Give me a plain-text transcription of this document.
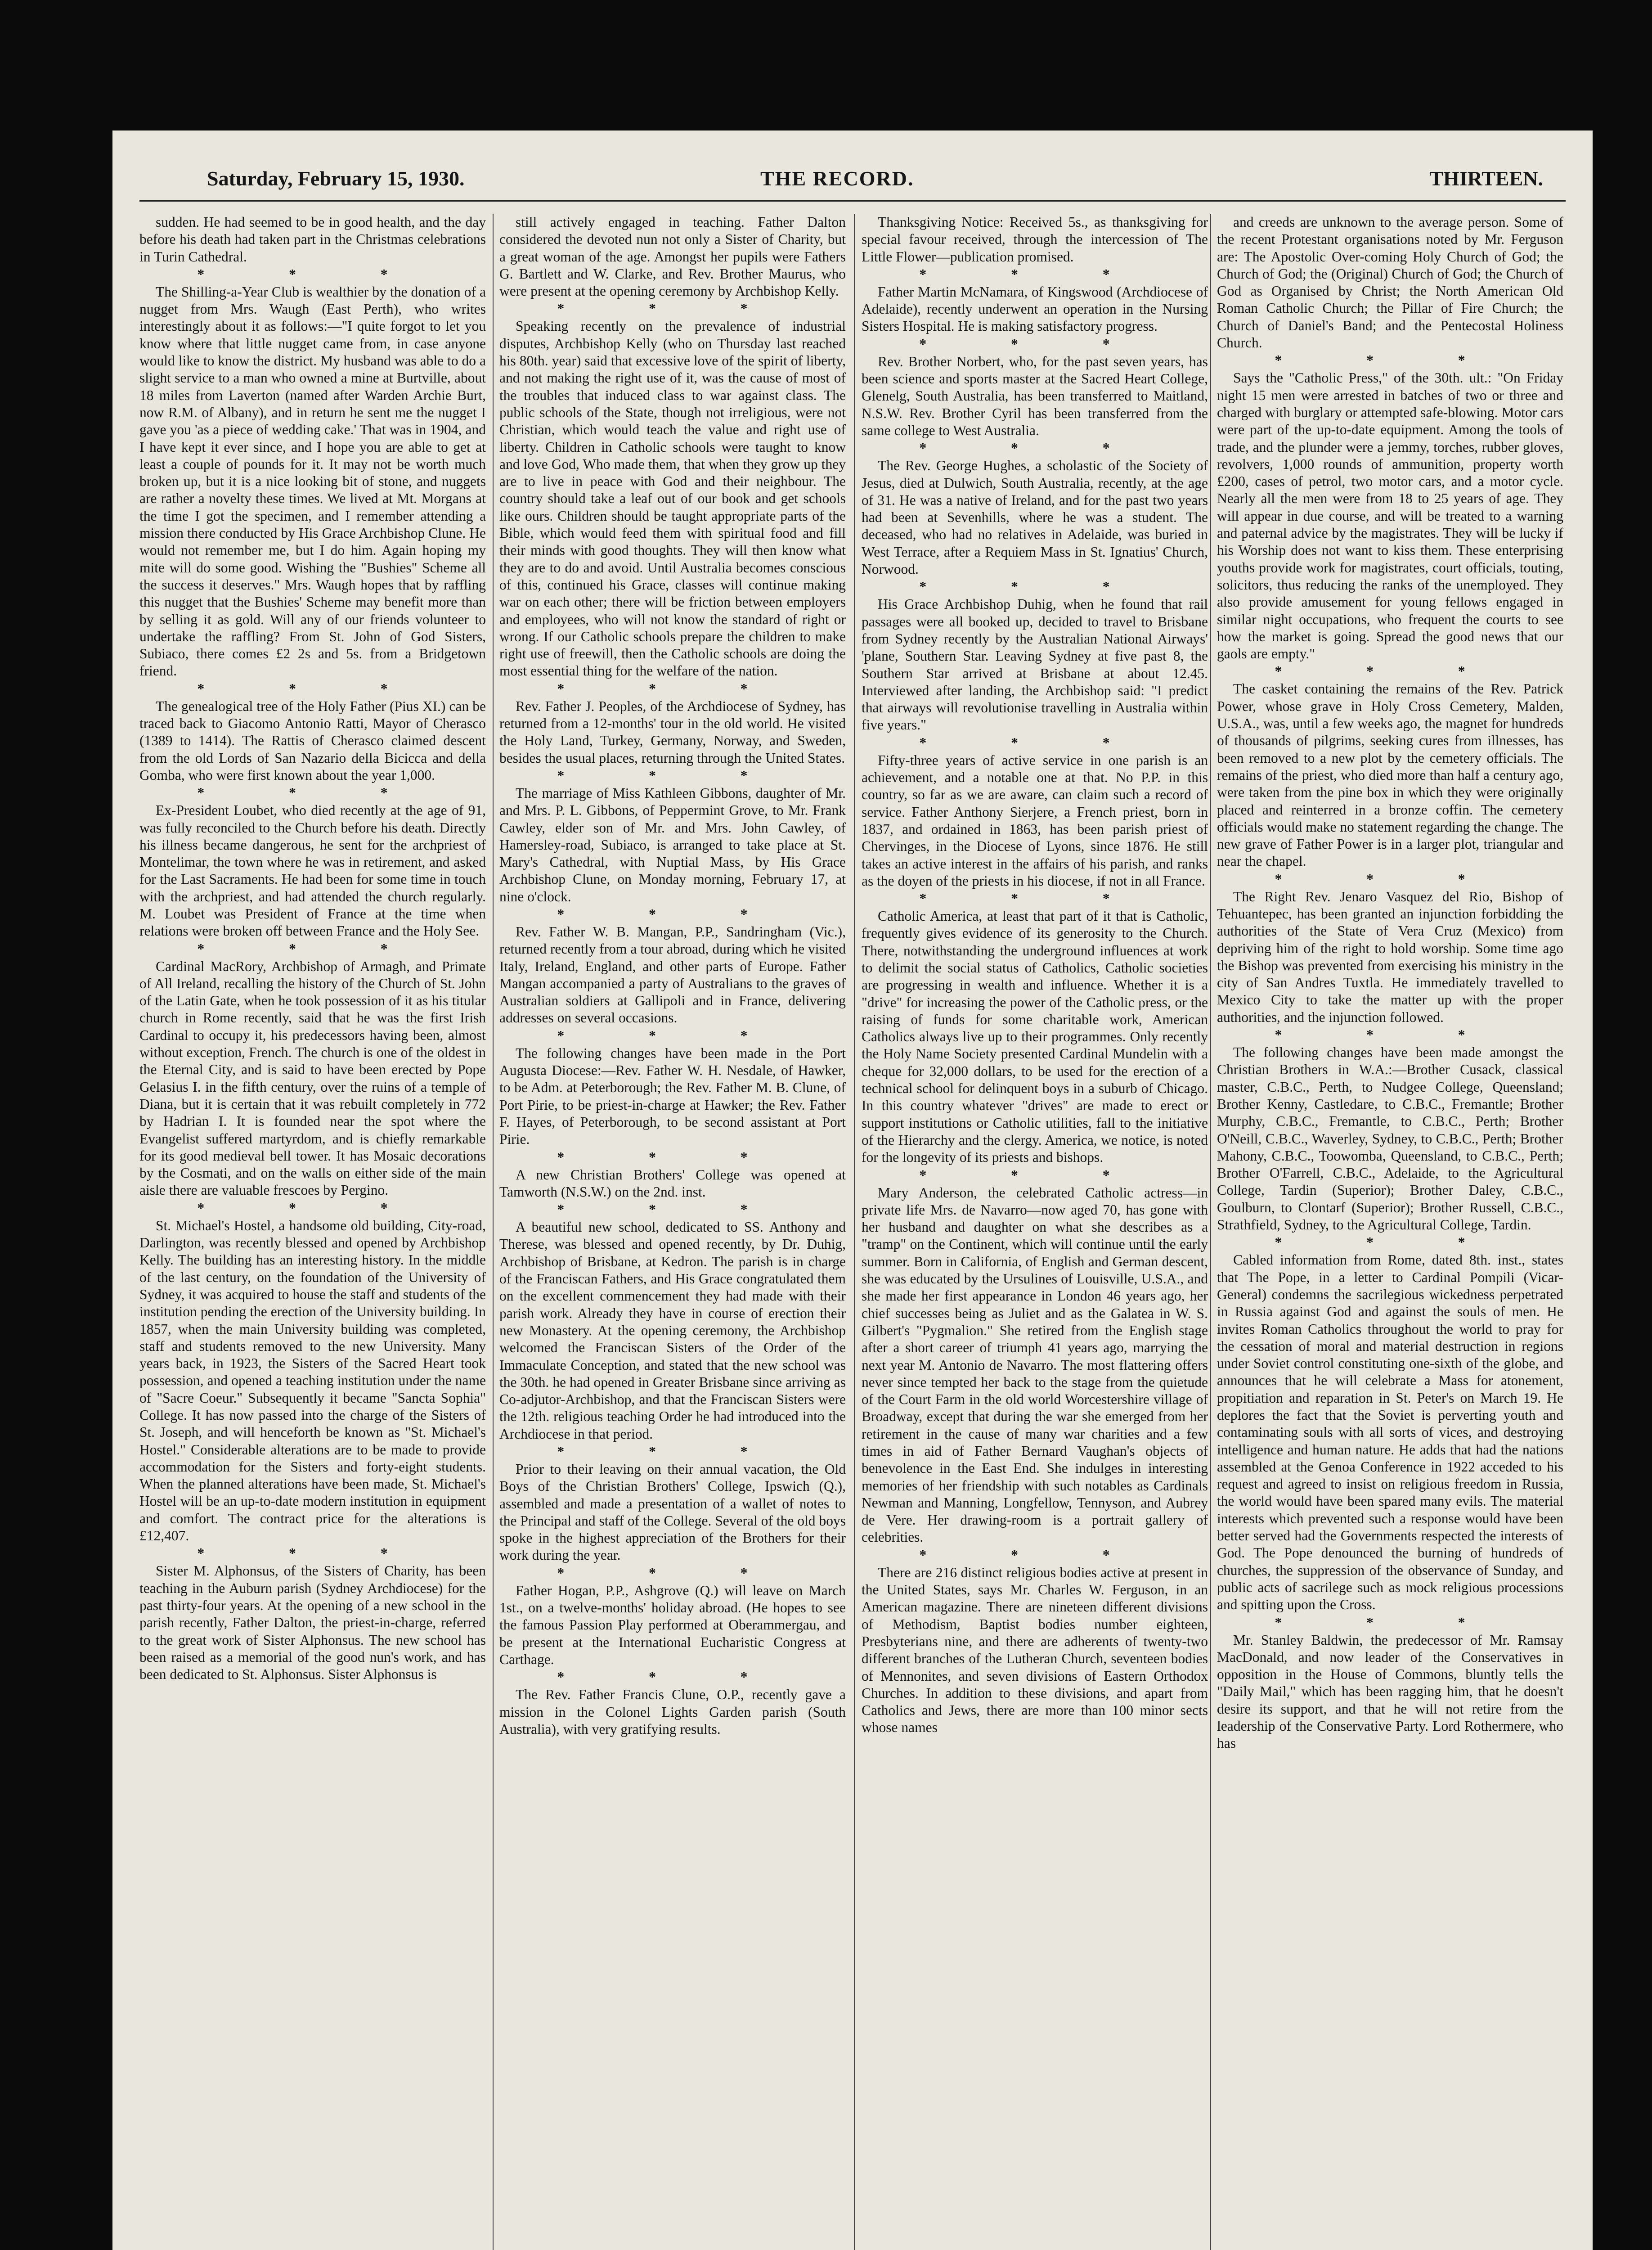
Saturday, February 15, 1930.	THE RECORD.	THIRTEEN.

sudden. He had seemed to be in good health, and the day before his death had taken part in the Christmas celebrations in Turin Cathedral.

* * *

The Shilling-a-Year Club is wealthier by the donation of a nugget from Mrs. Waugh (East Perth), who writes interestingly about it as follows:—"I quite forgot to let you know where that little nugget came from, in case anyone would like to know the district. My husband was able to do a slight service to a man who owned a mine at Burtville, about 18 miles from Laverton (named after Warden Archie Burt, now R.M. of Albany), and in return he sent me the nugget I gave you 'as a piece of wedding cake.' That was in 1904, and I have kept it ever since, and I hope you are able to get at least a couple of pounds for it. It may not be worth much broken up, but it is a nice looking bit of stone, and nuggets are rather a novelty these times. We lived at Mt. Morgans at the time I got the specimen, and I remember attending a mission there conducted by His Grace Archbishop Clune. He would not remember me, but I do him. Again hoping my mite will do some good. Wishing the "Bushies" Scheme all the success it deserves." Mrs. Waugh hopes that by raffling this nugget that the Bushies' Scheme may benefit more than by selling it as gold. Will any of our friends volunteer to undertake the raffling? From St. John of God Sisters, Subiaco, there comes £2 2s and 5s. from a Bridgetown friend.

* * *

The genealogical tree of the Holy Father (Pius XI.) can be traced back to Giacomo Antonio Ratti, Mayor of Cherasco (1389 to 1414). The Rattis of Cherasco claimed descent from the old Lords of San Nazario della Bicicca and della Gomba, who were first known about the year 1,000.

* * *

Ex-President Loubet, who died recently at the age of 91, was fully reconciled to the Church before his death. Directly his illness became dangerous, he sent for the archpriest of Montelimar, the town where he was in retirement, and asked for the Last Sacraments. He had been for some time in touch with the archpriest, and had attended the church regularly. M. Loubet was President of France at the time when relations were broken off between France and the Holy See.

* * *

Cardinal MacRory, Archbishop of Armagh, and Primate of All Ireland, recalling the history of the Church of St. John of the Latin Gate, when he took possession of it as his titular church in Rome recently, said that he was the first Irish Cardinal to occupy it, his predecessors having been, almost without exception, French. The church is one of the oldest in the Eternal City, and is said to have been erected by Pope Gelasius I. in the fifth century, over the ruins of a temple of Diana, but it is certain that it was rebuilt completely in 772 by Hadrian I. It is founded near the spot where the Evangelist suffered martyrdom, and is chiefly remarkable for its good medieval bell tower. It has Mosaic decorations by the Cosmati, and on the walls on either side of the main aisle there are valuable frescoes by Pergino.

* * *

St. Michael's Hostel, a handsome old building, City-road, Darlington, was recently blessed and opened by Archbishop Kelly. The building has an interesting history. In the middle of the last century, on the foundation of the University of Sydney, it was acquired to house the staff and students of the institution pending the erection of the University building. In 1857, when the main University building was completed, staff and students removed to the new University. Many years back, in 1923, the Sisters of the Sacred Heart took possession, and opened a teaching institution under the name of "Sacre Coeur." Subsequently it became "Sancta Sophia" College. It has now passed into the charge of the Sisters of St. Joseph, and will henceforth be known as "St. Michael's Hostel." Considerable alterations are to be made to provide accommodation for the Sisters and forty-eight students. When the planned alterations have been made, St. Michael's Hostel will be an up-to-date modern institution in equipment and comfort. The contract price for the alterations is £12,407.

* * *

Sister M. Alphonsus, of the Sisters of Charity, has been teaching in the Auburn parish (Sydney Archdiocese) for the past thirty-four years. At the opening of a new school in the parish recently, Father Dalton, the priest-in-charge, referred to the great work of Sister Alphonsus. The new school has been raised as a memorial of the good nun's work, and has been dedicated to St. Alphonsus. Sister Alphonsus is

still actively engaged in teaching. Father Dalton considered the devoted nun not only a Sister of Charity, but a great woman of the age. Amongst her pupils were Fathers G. Bartlett and W. Clarke, and Rev. Brother Maurus, who were present at the opening ceremony by Archbishop Kelly.

* * *

Speaking recently on the prevalence of industrial disputes, Archbishop Kelly (who on Thursday last reached his 80th. year) said that excessive love of the spirit of liberty, and not making the right use of it, was the cause of most of the troubles that induced class to war against class. The public schools of the State, though not irreligious, were not Christian, which would teach the value and right use of liberty. Children in Catholic schools were taught to know and love God, Who made them, that when they grow up they are to live in peace with God and their neighbour. The country should take a leaf out of our book and get schools like ours. Children should be taught appropriate parts of the Bible, which would feed them with spiritual food and fill their minds with good thoughts. They will then know what they are to do and avoid. Until Australia becomes conscious of this, continued his Grace, classes will continue making war on each other; there will be friction between employers and employees, who will not know the standard of right or wrong. If our Catholic schools prepare the children to make right use of freewill, then the Catholic schools are doing the most essential thing for the welfare of the nation.

* * *

Rev. Father J. Peoples, of the Archdiocese of Sydney, has returned from a 12-months' tour in the old world. He visited the Holy Land, Turkey, Germany, Norway, and Sweden, besides the usual places, returning through the United States.

* * *

The marriage of Miss Kathleen Gibbons, daughter of Mr. and Mrs. P. L. Gibbons, of Peppermint Grove, to Mr. Frank Cawley, elder son of Mr. and Mrs. John Cawley, of Hamersley-road, Subiaco, is arranged to take place at St. Mary's Cathedral, with Nuptial Mass, by His Grace Archbishop Clune, on Monday morning, February 17, at nine o'clock.

* * *

Rev. Father W. B. Mangan, P.P., Sandringham (Vic.), returned recently from a tour abroad, during which he visited Italy, Ireland, England, and other parts of Europe. Father Mangan accompanied a party of Australians to the graves of Australian soldiers at Gallipoli and in France, delivering addresses on several occasions.

* * *

The following changes have been made in the Port Augusta Diocese:—Rev. Father W. H. Nesdale, of Hawker, to be Adm. at Peterborough; the Rev. Father M. B. Clune, of Port Pirie, to be priest-in-charge at Hawker; the Rev. Father F. Hayes, of Peterborough, to be second assistant at Port Pirie.

* * *

A new Christian Brothers' College was opened at Tamworth (N.S.W.) on the 2nd. inst.

* * *

A beautiful new school, dedicated to SS. Anthony and Therese, was blessed and opened recently, by Dr. Duhig, Archbishop of Brisbane, at Kedron. The parish is in charge of the Franciscan Fathers, and His Grace congratulated them on the excellent commencement they had made with their parish work. Already they have in course of erection their new Monastery. At the opening ceremony, the Archbishop welcomed the Franciscan Sisters of the Order of the Immaculate Conception, and stated that the new school was the 30th. he had opened in Greater Brisbane since arriving as Co-adjutor-Archbishop, and that the Franciscan Sisters were the 12th. religious teaching Order he had introduced into the Archdiocese in that period.

* * *

Prior to their leaving on their annual vacation, the Old Boys of the Christian Brothers' College, Ipswich (Q.), assembled and made a presentation of a wallet of notes to the Principal and staff of the College. Several of the old boys spoke in the highest appreciation of the Brothers for their work during the year.

* * *

Father Hogan, P.P., Ashgrove (Q.) will leave on March 1st., on a twelve-months' holiday abroad. (He hopes to see the famous Passion Play performed at Oberammergau, and be present at the International Eucharistic Congress at Carthage.

* * *

The Rev. Father Francis Clune, O.P., recently gave a mission in the Colonel Lights Garden parish (South Australia), with very gratifying results.

Thanksgiving Notice: Received 5s., as thanksgiving for special favour received, through the intercession of The Little Flower—publication promised.

* * *

Father Martin McNamara, of Kingswood (Archdiocese of Adelaide), recently underwent an operation in the Nursing Sisters Hospital. He is making satisfactory progress.

* * *

Rev. Brother Norbert, who, for the past seven years, has been science and sports master at the Sacred Heart College, Glenelg, South Australia, has been transferred to Maitland, N.S.W. Rev. Brother Cyril has been transferred from the same college to West Australia.

* * *

The Rev. George Hughes, a scholastic of the Society of Jesus, died at Dulwich, South Australia, recently, at the age of 31. He was a native of Ireland, and for the past two years had been at Sevenhills, where he was a student. The deceased, who had no relatives in Adelaide, was buried in West Terrace, after a Requiem Mass in St. Ignatius' Church, Norwood.

* * *

His Grace Archbishop Duhig, when he found that rail passages were all booked up, decided to travel to Brisbane from Sydney recently by the Australian National Airways' 'plane, Southern Star. Leaving Sydney at five past 8, the Southern Star arrived at Brisbane at about 12.45. Interviewed after landing, the Archbishop said: "I predict that airways will revolutionise travelling in Australia within five years."

* * *

Fifty-three years of active service in one parish is an achievement, and a notable one at that. No P.P. in this country, so far as we are aware, can claim such a record of service. Father Anthony Sierjere, a French priest, born in 1837, and ordained in 1863, has been parish priest of Chervinges, in the Diocese of Lyons, since 1876. He still takes an active interest in the affairs of his parish, and ranks as the doyen of the priests in his diocese, if not in all France.

* * *

Catholic America, at least that part of it that is Catholic, frequently gives evidence of its generosity to the Church. There, notwithstanding the underground influences at work to delimit the social status of Catholics, Catholic societies are progressing in wealth and influence. Whether it is a "drive" for increasing the power of the Catholic press, or the raising of funds for some charitable work, American Catholics always live up to their programmes. Only recently the Holy Name Society presented Cardinal Mundelin with a cheque for 32,000 dollars, to be used for the erection of a technical school for delinquent boys in a suburb of Chicago. In this country whatever "drives" are made to erect or support institutions or Catholic utilities, fall to the initiative of the Hierarchy and the clergy. America, we notice, is noted for the longevity of its priests and bishops.

* * *

Mary Anderson, the celebrated Catholic actress—in private life Mrs. de Navarro—now aged 70, has gone with her husband and daughter on what she describes as a "tramp" on the Continent, which will continue until the early summer. Born in California, of English and German descent, she was educated by the Ursulines of Louisville, U.S.A., and she made her first appearance in London 46 years ago, her chief successes being as Juliet and as the Galatea in W. S. Gilbert's "Pygmalion." She retired from the English stage after a short career of triumph 41 years ago, marrying the next year M. Antonio de Navarro. The most flattering offers never since tempted her back to the stage from the quietude of the Court Farm in the old world Worcestershire village of Broadway, except that during the war she emerged from her retirement in the cause of many war charities and a few times in aid of Father Bernard Vaughan's objects of benevolence in the East End. She indulges in interesting memories of her friendship with such notables as Cardinals Newman and Manning, Longfellow, Tennyson, and Aubrey de Vere. Her drawing-room is a portrait gallery of celebrities.

* * *

There are 216 distinct religious bodies active at present in the United States, says Mr. Charles W. Ferguson, in an American magazine. There are nineteen different divisions of Methodism, Baptist bodies number eighteen, Presbyterians nine, and there are adherents of twenty-two different branches of the Lutheran Church, seventeen bodies of Mennonites, and seven divisions of Eastern Orthodox Churches. In addition to these divisions, and apart from Catholics and Jews, there are more than 100 minor sects whose names

and creeds are unknown to the average person. Some of the recent Protestant organisations noted by Mr. Ferguson are: The Apostolic Over-coming Holy Church of God; the Church of God; the (Original) Church of God; the Church of God as Organised by Christ; the North American Old Roman Catholic Church; the Pillar of Fire Church; the Church of Daniel's Band; and the Pentecostal Holiness Church.

* * *

Says the "Catholic Press," of the 30th. ult.: "On Friday night 15 men were arrested in batches of two or three and charged with burglary or attempted safe-blowing. Motor cars were part of the up-to-date equipment. Among the tools of trade, and the plunder were a jemmy, torches, rubber gloves, revolvers, 1,000 rounds of ammunition, property worth £200, cases of petrol, two motor cars, and a motor cycle. Nearly all the men were from 18 to 25 years of age. They will appear in due course, and will be treated to a warning and paternal advice by the magistrates. They will be lucky if his Worship does not want to kiss them. These enterprising youths provide work for magistrates, court officials, touting, solicitors, thus reducing the ranks of the unemployed. They also provide amusement for young fellows engaged in similar night occupations, who frequent the courts to see how the market is going. Spread the good news that our gaols are empty."

* * *

The casket containing the remains of the Rev. Patrick Power, whose grave in Holy Cross Cemetery, Malden, U.S.A., was, until a few weeks ago, the magnet for hundreds of thousands of pilgrims, seeking cures from illnesses, has been removed to a new plot by the cemetery officials. The remains of the priest, who died more than half a century ago, were taken from the pine box in which they were originally placed and reinterred in a bronze coffin. The cemetery officials would make no statement regarding the change. The new grave of Father Power is in a larger plot, triangular and near the chapel.

* * *

The Right Rev. Jenaro Vasquez del Rio, Bishop of Tehuantepec, has been granted an injunction forbidding the authorities of the State of Vera Cruz (Mexico) from depriving him of the right to hold worship. Some time ago the Bishop was prevented from exercising his ministry in the city of San Andres Tuxtla. He immediately travelled to Mexico City to take the matter up with the proper authorities, and the injunction followed.

* * *

The following changes have been made amongst the Christian Brothers in W.A.:—Brother Cusack, classical master, C.B.C., Perth, to Nudgee College, Queensland; Brother Kenny, Castledare, to C.B.C., Fremantle; Brother Murphy, C.B.C., Fremantle, to C.B.C., Perth; Brother O'Neill, C.B.C., Waverley, Sydney, to C.B.C., Perth; Brother Mahony, C.B.C., Toowomba, Queensland, to C.B.C., Perth; Brother O'Farrell, C.B.C., Adelaide, to the Agricultural College, Tardin (Superior); Brother Daley, C.B.C., Goulburn, to Clontarf (Superior); Brother Russell, C.B.C., Strathfield, Sydney, to the Agricultural College, Tardin.

* * *

Cabled information from Rome, dated 8th. inst., states that The Pope, in a letter to Cardinal Pompili (Vicar-General) condemns the sacrilegious wickedness perpetrated in Russia against God and against the souls of men. He invites Roman Catholics throughout the world to pray for the cessation of moral and material destruction in regions under Soviet control constituting one-sixth of the globe, and announces that he will celebrate a Mass for atonement, propitiation and reparation in St. Peter's on March 19. He deplores the fact that the Soviet is perverting youth and contaminating souls with all sorts of vices, and destroying intelligence and human nature. He adds that had the nations assembled at the Genoa Conference in 1922 acceded to his request and agreed to insist on religious freedom in Russia, the world would have been spared many evils. The material interests which prevented such a response would have been better served had the Governments respected the interests of God. The Pope denounced the burning of hundreds of churches, the suppression of the observance of Sunday, and public acts of sacrilege such as mock religious processions and spitting upon the Cross.

* * *

Mr. Stanley Baldwin, the predecessor of Mr. Ramsay MacDonald, and now leader of the Conservatives in opposition in the House of Commons, bluntly tells the "Daily Mail," which has been ragging him, that he doesn't desire its support, and that he will not retire from the leadership of the Conservative Party. Lord Rothermere, who has
